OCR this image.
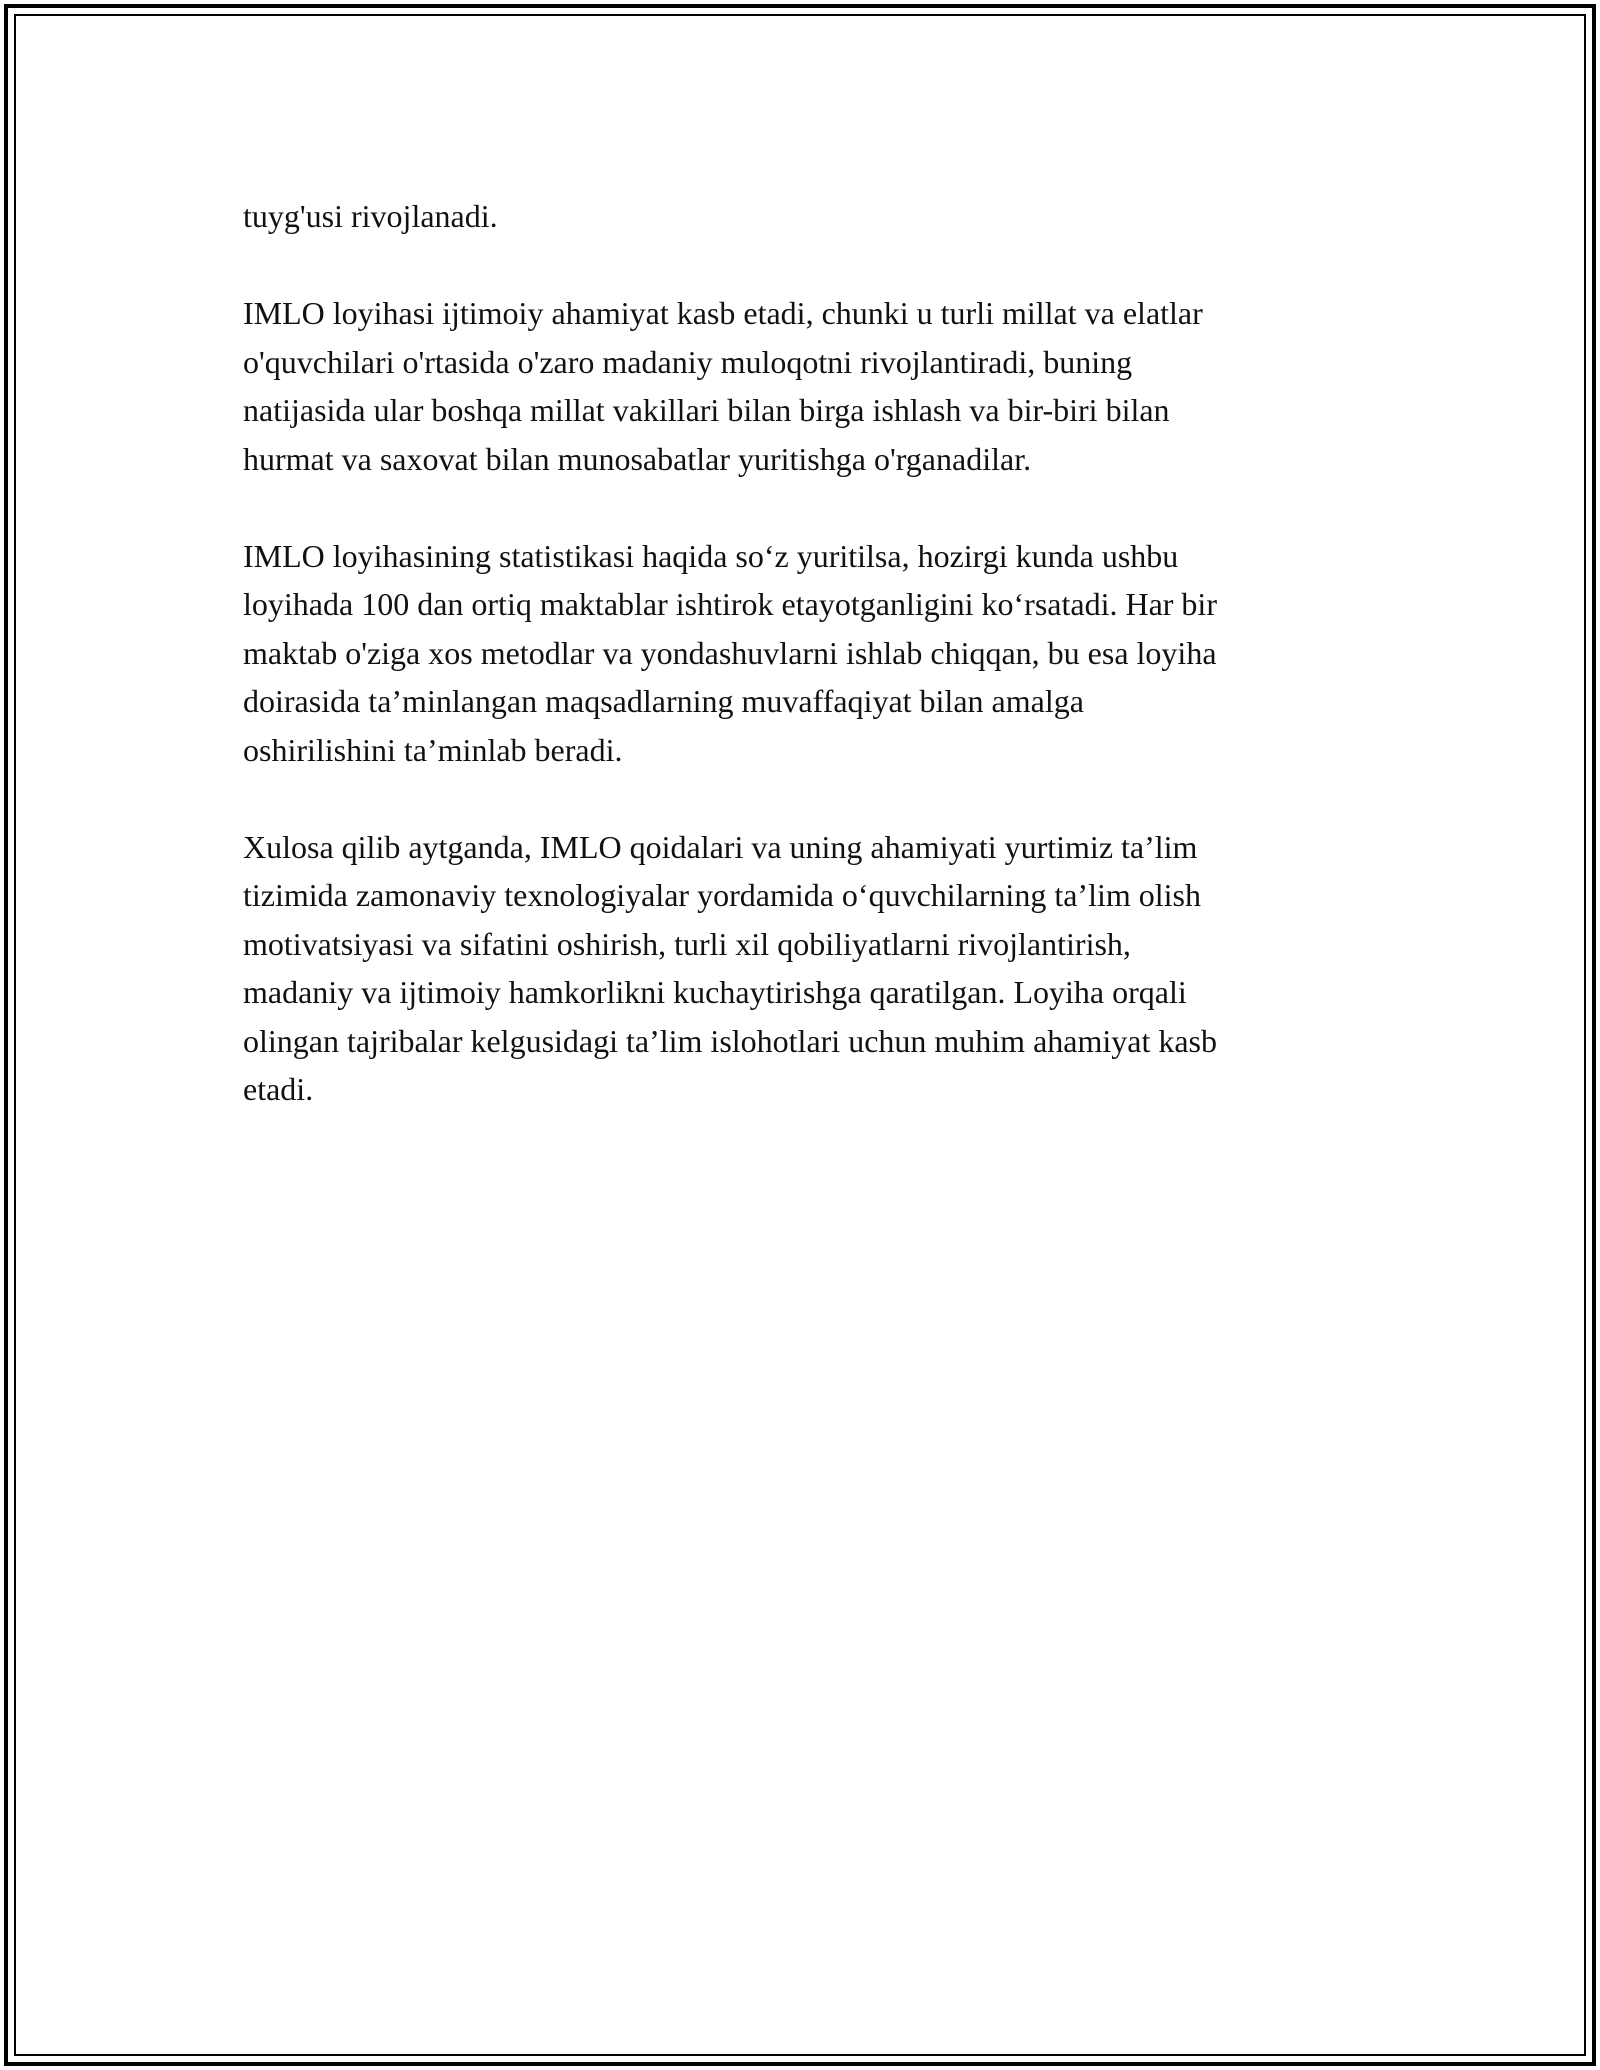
tuyg'usi rivojlanadi.

IMLO loyihasi ijtimoiy ahamiyat kasb etadi, chunki u turli millat va elatlar
o'quvchilari o'rtasida o'zaro madaniy muloqotni rivojlantiradi, buning
natijasida ular boshqa millat vakillari bilan birga ishlash va bir-biri bilan
hurmat va saxovat bilan munosabatlar yuritishga o'rganadilar.

IMLO loyihasining statistikasi haqida so‘z yuritilsa, hozirgi kunda ushbu
loyihada 100 dan ortiq maktablar ishtirok etayotganligini ko‘rsatadi. Har bir
maktab o'ziga xos metodlar va yondashuvlarni ishlab chiqqan, bu esa loyiha
doirasida ta’minlangan maqsadlarning muvaffaqiyat bilan amalga
oshirilishini ta’minlab beradi.

Xulosa qilib aytganda, IMLO qoidalari va uning ahamiyati yurtimiz ta’lim
tizimida zamonaviy texnologiyalar yordamida o‘quvchilarning ta’lim olish
motivatsiyasi va sifatini oshirish, turli xil qobiliyatlarni rivojlantirish,
madaniy va ijtimoiy hamkorlikni kuchaytirishga qaratilgan. Loyiha orqali
olingan tajribalar kelgusidagi ta’lim islohotlari uchun muhim ahamiyat kasb
etadi.
